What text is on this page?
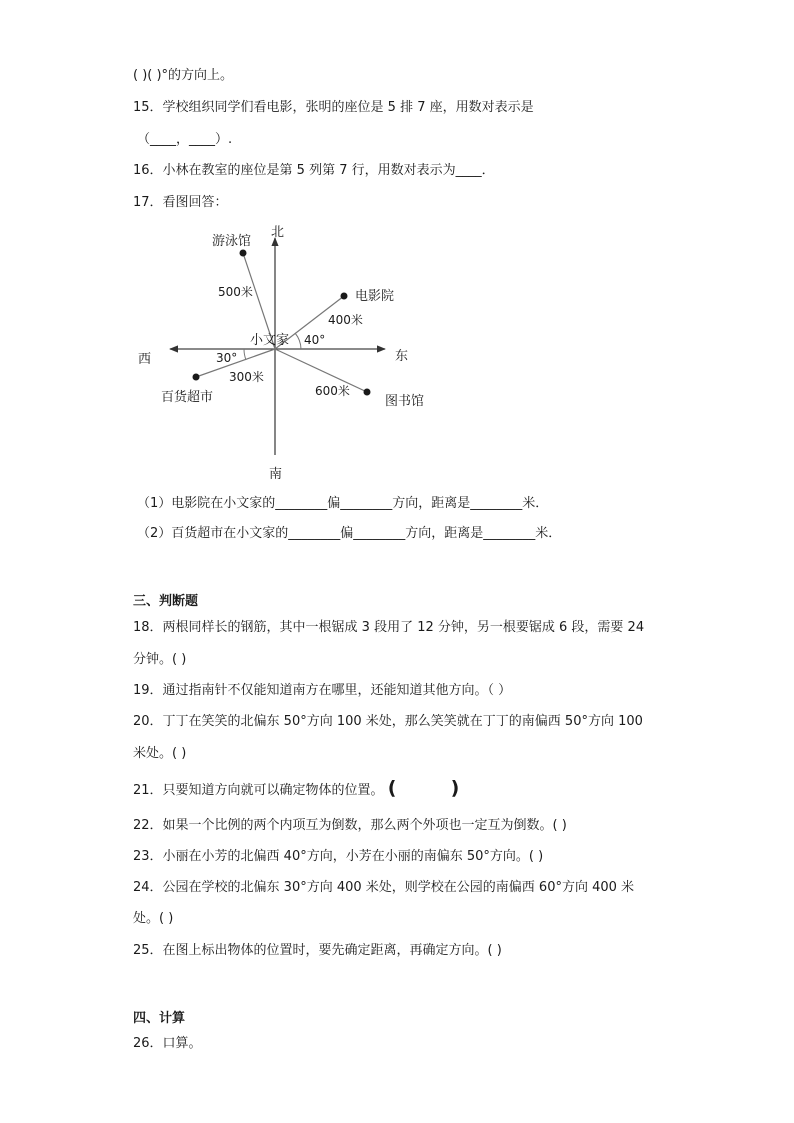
( )( )°的方向上。
15．学校组织同学们看电影，张明的座位是 5 排 7 座，用数对表示是
（____，____）.
16．小林在教室的座位是第 5 列第 7 行，用数对表示为____．
17．看图回答：
北
南
西	东
小文家
游泳馆
电影院
百货超市	图书馆
500米
400米
300米
600米
40°
30°
（1）电影院在小文家的________偏________方向，距离是________米．
（2）百货超市在小文家的________偏________方向，距离是________米．
三、判断题
18．两根同样长的钢筋，其中一根锯成 3 段用了 12 分钟，另一根要锯成 6 段，需要 24
分钟。( )
19．通过指南针不仅能知道南方在哪里，还能知道其他方向。（ ）
20．丁丁在笑笑的北偏东 50°方向 100 米处，那么笑笑就在丁丁的南偏西 50°方向 100
米处。( )
21．只要知道方向就可以确定物体的位置。 (	)
22．如果一个比例的两个内项互为倒数，那么两个外项也一定互为倒数。( )
23．小丽在小芳的北偏西 40°方向，小芳在小丽的南偏东 50°方向。( )
24．公园在学校的北偏东 30°方向 400 米处，则学校在公园的南偏西 60°方向 400 米
处。( )
25．在图上标出物体的位置时，要先确定距离，再确定方向。( )
四、计算
26．口算。
